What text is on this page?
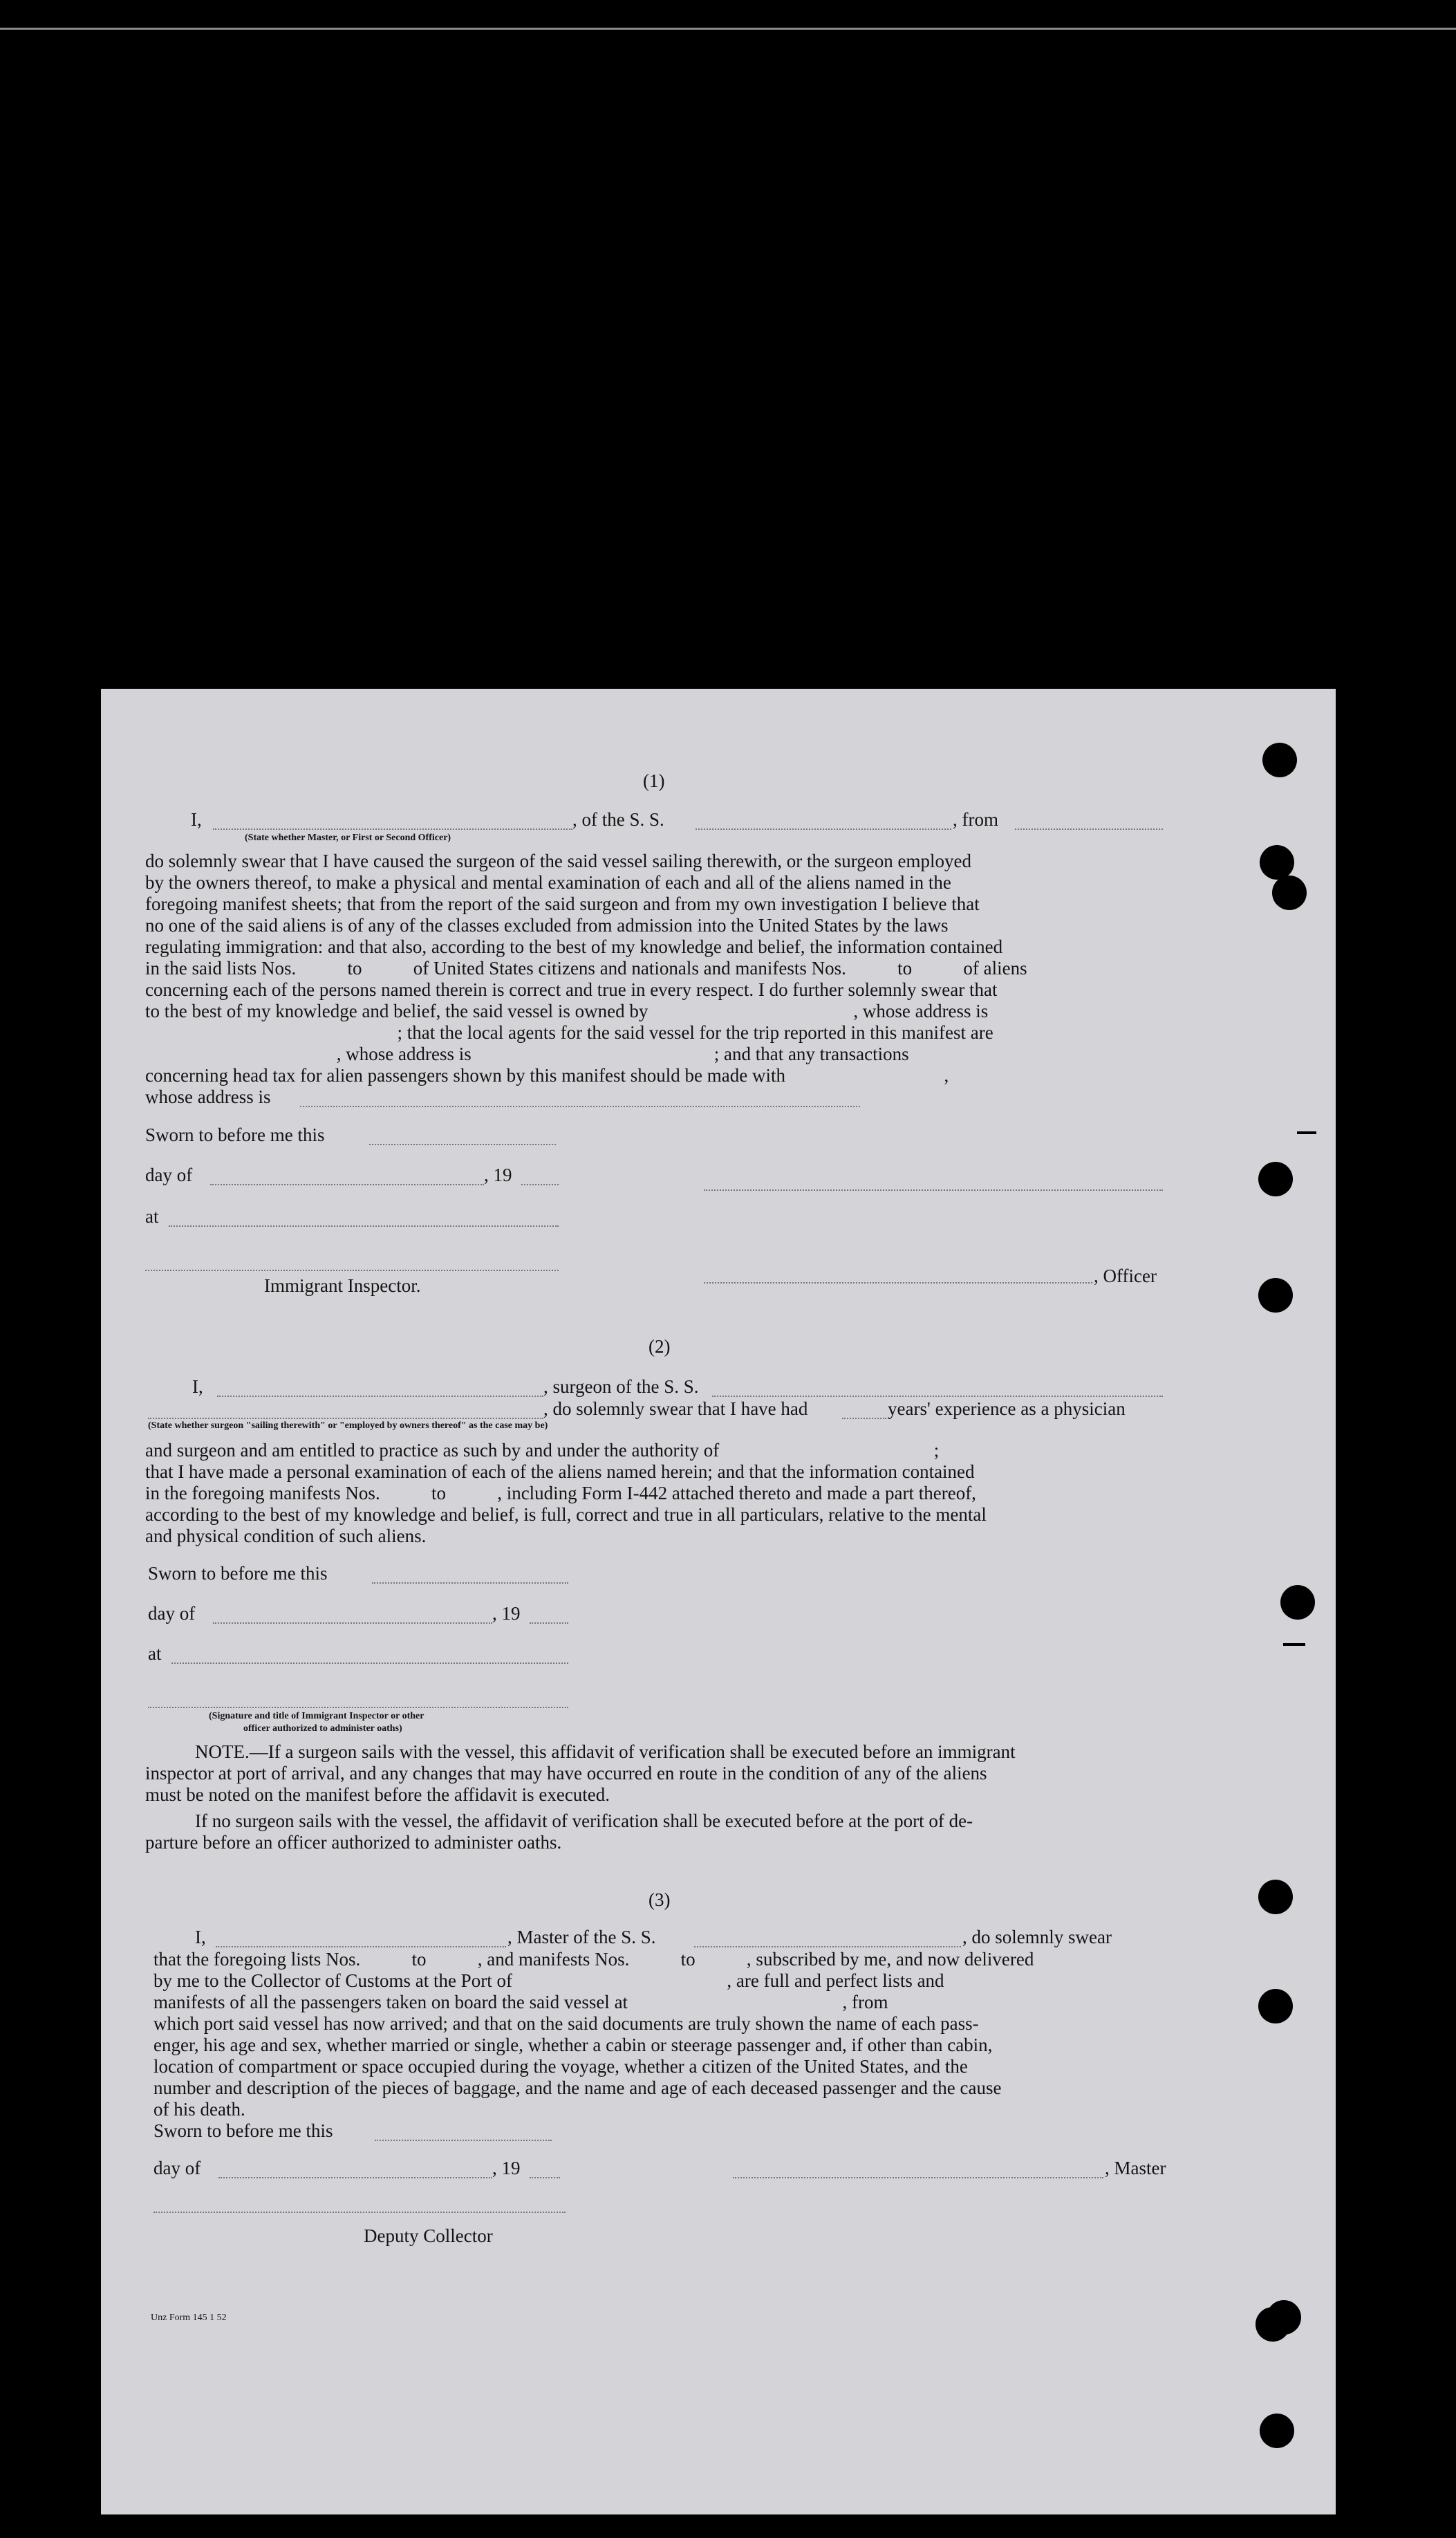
(1)
I,	, of the S. S.	, from
(State whether Master, or First or Second Officer)
do solemnly swear that I have caused the surgeon of the said vessel sailing therewith, or the surgeon employed
by the owners thereof, to make a physical and mental examination of each and all of the aliens named in the
foregoing manifest sheets; that from the report of the said surgeon and from my own investigation I believe that
no one of the said aliens is of any of the classes excluded from admission into the United States by the laws
regulating immigration: and that also, according to the best of my knowledge and belief, the information contained
in the said lists Nos.           to           of United States citizens and nationals and manifests Nos.           to           of aliens
concerning each of the persons named therein is correct and true in every respect. I do further solemnly swear that
to the best of my knowledge and belief, the said vessel is owned by                                            , whose address is
; that the local agents for the said vessel for the trip reported in this manifest are
, whose address is                                                    ; and that any transactions
concerning head tax for alien passengers shown by this manifest should be made with                                  ,
whose address is
Sworn to before me this
day of	, 19
at
, Officer
Immigrant Inspector.
(2)
I,	, surgeon of the S. S.
, do solemnly swear that I have had	years' experience as a physician
(State whether surgeon "sailing therewith" or "employed by owners thereof" as the case may be)
and surgeon and am entitled to practice as such by and under the authority of                                              ;
that I have made a personal examination of each of the aliens named herein; and that the information contained
in the foregoing manifests Nos.           to           , including Form I-442 attached thereto and made a part thereof,
according to the best of my knowledge and belief, is full, correct and true in all particulars, relative to the mental
and physical condition of such aliens.
Sworn to before me this
day of	, 19
at
(Signature and title of Immigrant Inspector or other
officer authorized to administer oaths)
NOTE.—If a surgeon sails with the vessel, this affidavit of verification shall be executed before an immigrant
inspector at port of arrival, and any changes that may have occurred en route in the condition of any of the aliens
must be noted on the manifest before the affidavit is executed.
If no surgeon sails with the vessel, the affidavit of verification shall be executed before at the port of de-
parture before an officer authorized to administer oaths.
(3)
I,	, Master of the S. S.	, do solemnly swear
that the foregoing lists Nos.           to           , and manifests Nos.           to           , subscribed by me, and now delivered
by me to the Collector of Customs at the Port of                                              , are full and perfect lists and
manifests of all the passengers taken on board the said vessel at                                              , from
which port said vessel has now arrived; and that on the said documents are truly shown the name of each pass-
enger, his age and sex, whether married or single, whether a cabin or steerage passenger and, if other than cabin,
location of compartment or space occupied during the voyage, whether a citizen of the United States, and the
number and description of the pieces of baggage, and the name and age of each deceased passenger and the cause
of his death.
Sworn to before me this
day of	, 19	, Master
Deputy Collector
Unz Form 145 1 52
